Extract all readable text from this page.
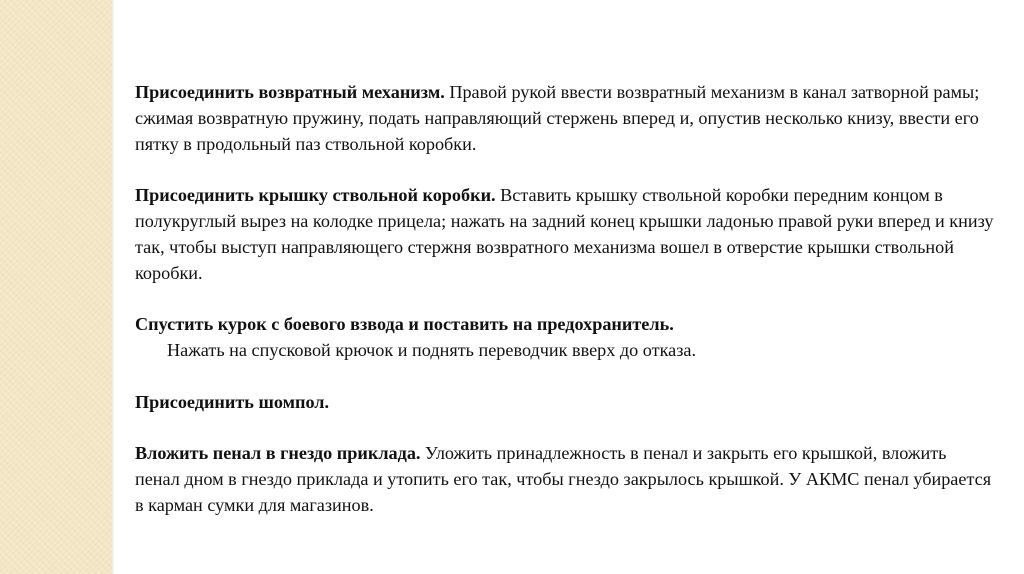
Присоединить возвратный механизм. Правой рукой ввести возвратный механизм в канал затворной рамы; сжимая возвратную пружину, подать направляющий стержень вперед и, опустив несколько книзу, ввести его пятку в продольный паз ствольной коробки.

Присоединить крышку ствольной коробки. Вставить крышку ствольной коробки передним концом в полукруглый вырез на колодке прицела; нажать на задний конец крышки ладонью правой руки вперед и книзу так, чтобы выступ направляющего стержня возвратного механизма вошел в отверстие крышки ствольной коробки.

Спустить курок с боевого взвода и поставить на предохранитель.
Нажать на спусковой крючок и поднять переводчик вверх до отказа.

Присоединить шомпол.

Вложить пенал в гнездо приклада. Уложить принадлежность в пенал и закрыть его крышкой, вложить пенал дном в гнездо приклада и утопить его так, чтобы гнездо закрылось крышкой. У АКМС пенал убирается в карман сумки для магазинов.
